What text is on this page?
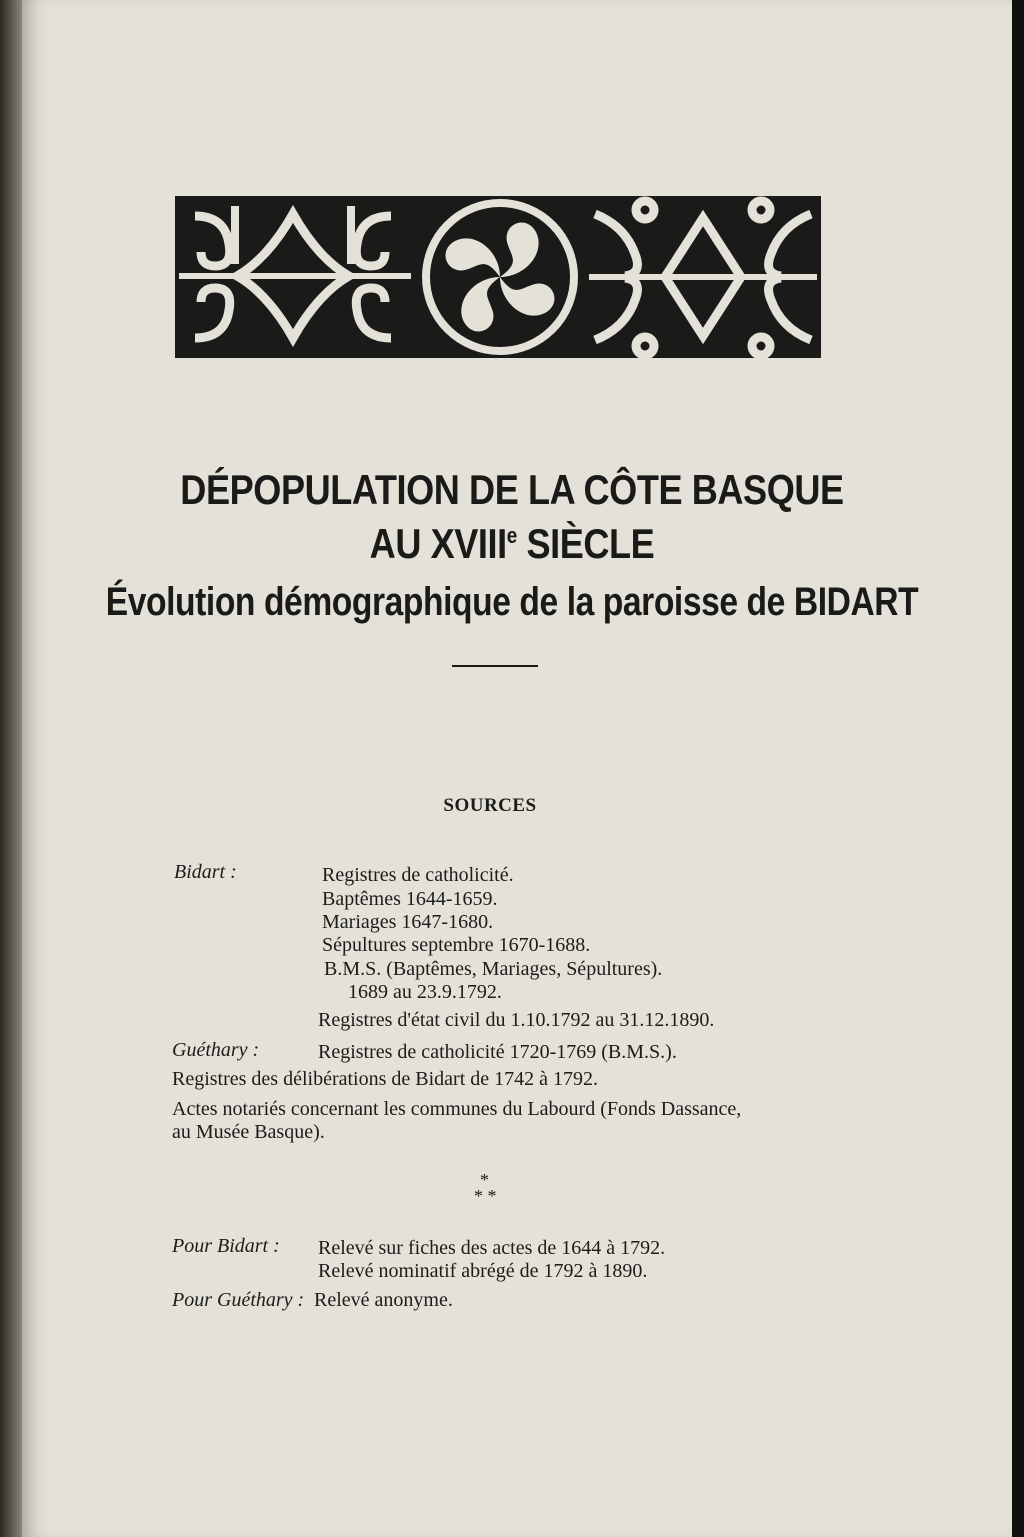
DÉPOPULATION DE LA CÔTE BASQUE
AU XVIIIe SIÈCLE
Évolution démographique de la paroisse de BIDART
SOURCES
Bidart :	Registres de catholicité.
Baptêmes 1644-1659.
Mariages 1647-1680.
Sépultures septembre 1670-1688.
B.M.S. (Baptêmes, Mariages, Sépultures).
1689 au 23.9.1792.
Registres d'état civil du 1.10.1792 au 31.12.1890.
Guéthary :	Registres de catholicité 1720-1769 (B.M.S.).
Registres des délibérations de Bidart de 1742 à 1792.
Actes notariés concernant les communes du Labourd (Fonds Dassance,
au Musée Basque).
*
* *
Pour Bidart : Relevé sur fiches des actes de 1644 à 1792.
Relevé nominatif abrégé de 1792 à 1890.
Pour Guéthary : Relevé anonyme.
